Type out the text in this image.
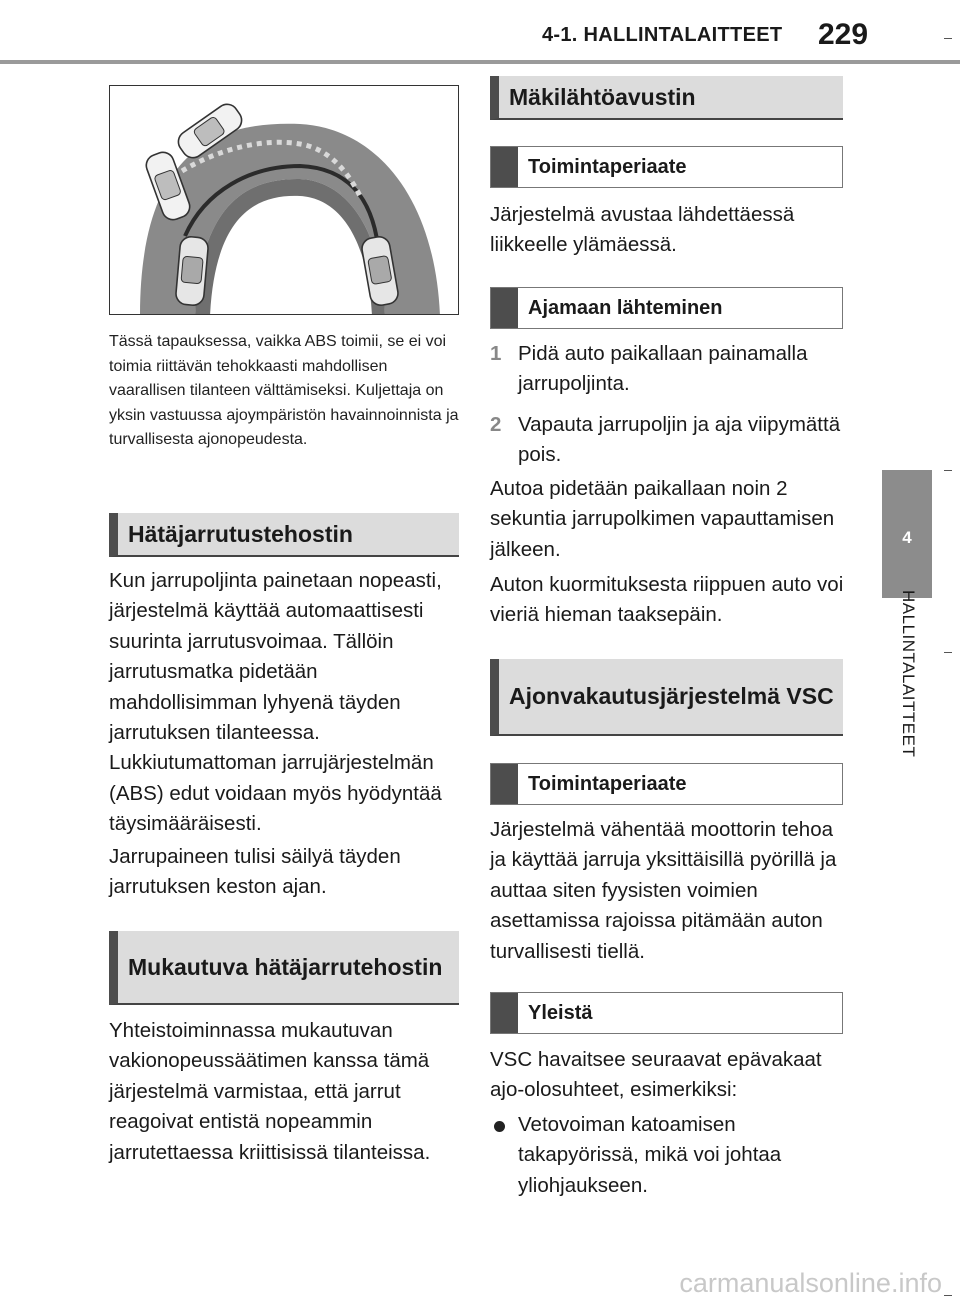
4-1. HALLINTALAITTEET 229
4
HALLINTALAITTEET
Tässä tapauksessa, vaikka ABS toimii, se ei voi toimia riittävän tehokkaasti mahdollisen vaarallisen tilanteen välttämiseksi. Kuljettaja on yksin vastuussa ajoympäristön havainnoinnista ja turvallisesta ajonopeudesta.
Hätäjarrutustehostin
Kun jarrupoljinta painetaan nopeasti, järjestelmä käyttää automaattisesti suurinta jarrutusvoimaa. Tällöin jarrutusmatka pidetään mahdollisimman lyhyenä täyden jarrutuksen tilanteessa. Lukkiutumattoman jarrujärjestelmän (ABS) edut voidaan myös hyödyntää täysimääräisesti.
Jarrupaineen tulisi säilyä täyden jarrutuksen keston ajan.
Mukautuva hätäjarrutehostin
Yhteistoiminnassa mukautuvan vakionopeussäätimen kanssa tämä järjestelmä varmistaa, että jarrut reagoivat entistä nopeammin jarrutettaessa kriittisissä tilanteissa.
Mäkilähtöavustin
Toimintaperiaate
Järjestelmä avustaa lähdettäessä liikkeelle ylämäessä.
Ajamaan lähteminen
1 Pidä auto paikallaan painamalla jarrupoljinta.
2 Vapauta jarrupoljin ja aja viipymättä pois.
Autoa pidetään paikallaan noin 2 sekuntia jarrupolkimen vapauttamisen jälkeen.
Auton kuormituksesta riippuen auto voi vieriä hieman taaksepäin.
Ajonvakautusjärjestelmä VSC
Toimintaperiaate
Järjestelmä vähentää moottorin tehoa ja käyttää jarruja yksittäisillä pyörillä ja auttaa siten fyysisten voimien asettamissa rajoissa pitämään auton turvallisesti tiellä.
Yleistä
VSC havaitsee seuraavat epävakaat ajo-olosuhteet, esimerkiksi:
Vetovoiman katoamisen takapyörissä, mikä voi johtaa yliohjaukseen.
carmanualsonline.info
